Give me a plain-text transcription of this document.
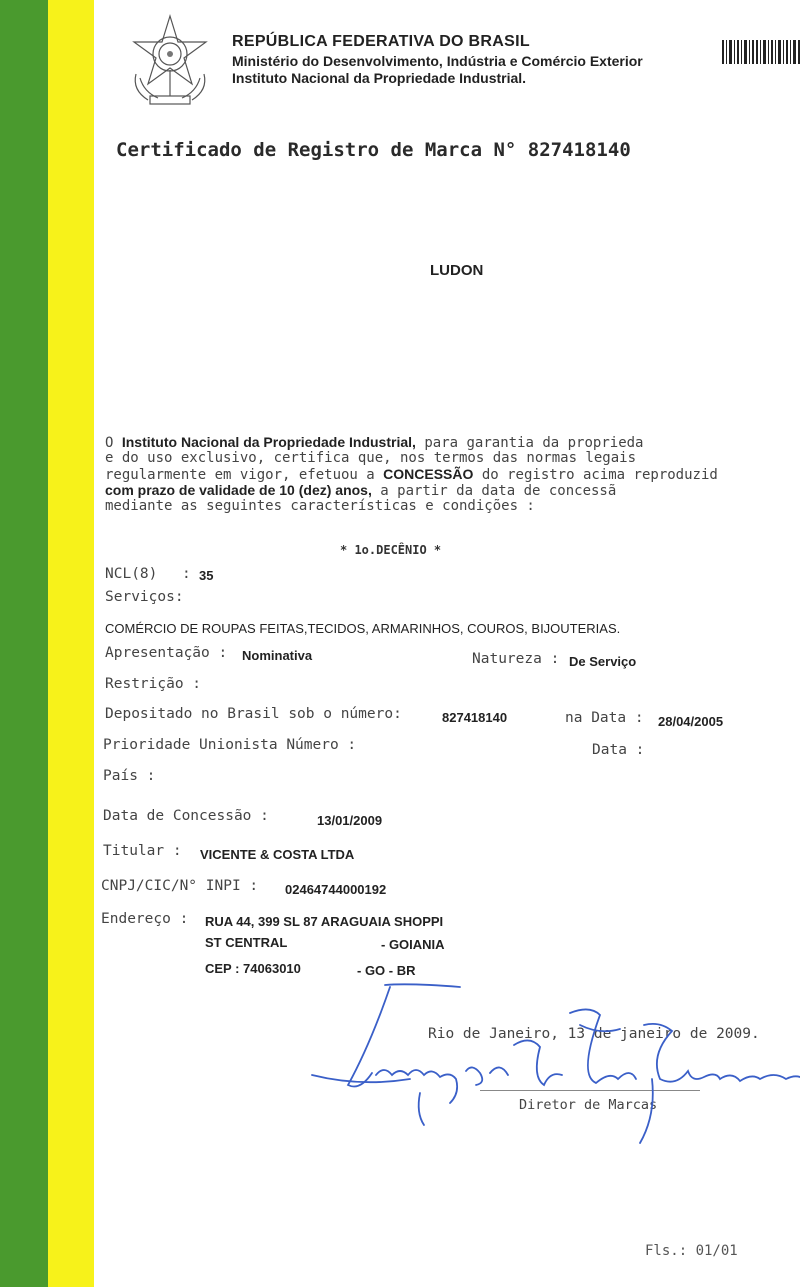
REPÚBLICA FEDERATIVA DO BRASIL
Ministério do Desenvolvimento, Indústria e Comércio Exterior
Instituto Nacional da Propriedade Industrial.
Certificado de Registro de Marca N° 827418140
LUDON
O Instituto Nacional da Propriedade Industrial, para garantia da proprieda
e do uso exclusivo, certifica que, nos termos das normas legais
regularmente em vigor, efetuou a CONCESSÃO do registro acima reproduzid
com prazo de validade de 10 (dez) anos, a partir da data de concessã
mediante as seguintes características e condições :
* 1o.DECÊNIO *
NCL(8) : 35
Serviços:
COMÉRCIO DE ROUPAS FEITAS,TECIDOS, ARMARINHOS, COUROS, BIJOUTERIAS.
Apresentação : Nominativa	Natureza : De Serviço
Restrição :
Depositado no Brasil sob o número:	827418140	na Data : 28/04/2005
Prioridade Unionista Número :	Data :
País :
Data de Concessão :	13/01/2009
Titular : VICENTE & COSTA LTDA
CNPJ/CIC/N° INPI : 02464744000192
Endereço : RUA 44, 399 SL 87 ARAGUAIA SHOPPI
ST CENTRAL	- GOIANIA
CEP : 74063010	- GO - BR
Rio de Janeiro, 13 de janeiro de 2009.
Diretor de Marcas
Fls.: 01/01
